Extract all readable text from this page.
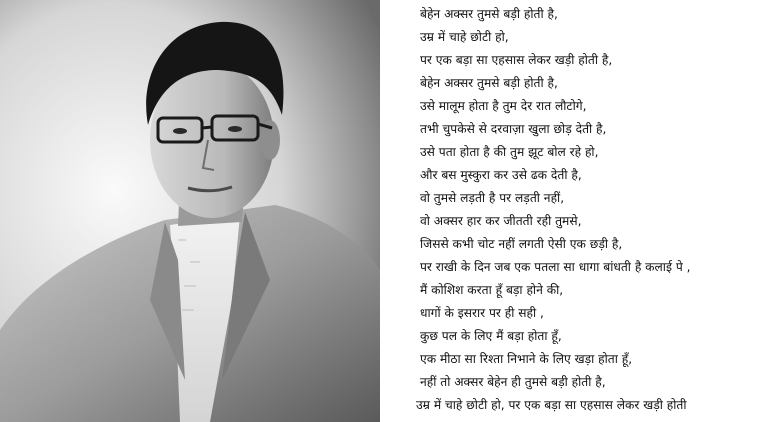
बेहेन अक्सर तुमसे बड़ी होती है,
उम्र में चाहे छोटी हो,
पर एक बड़ा सा एहसास लेकर खड़ी होती है,
बेहेन अक्सर तुमसे बड़ी होती है,
उसे मालूम होता है तुम देर रात लौटोगे,
तभी चुपकेसे से दरवाज़ा खुला छोड़ देती है,
उसे पता होता है की तुम झूट बोल रहे हो,
और बस मुस्कुरा कर उसे ढक देती है,
वो तुमसे लड़ती है पर लड़ती नहीं,
वो अक्सर हार कर जीतती रही तुमसे,
जिससे कभी चोट नहीं लगती ऐसी एक छड़ी है,
पर राखी के दिन जब एक पतला सा धागा बांधती है कलाई पे ,
मैं कोशिश करता हूँ बड़ा होने की,
धागों के इसरार पर ही सही ,
कुछ पल के लिए मैं बड़ा होता हूँ,
एक मीठा सा रिश्ता निभाने के लिए खड़ा होता हूँ,
नहीं तो अक्सर बेहेन ही तुमसे बड़ी होती है,
उम्र में चाहे छोटी हो, पर एक बड़ा सा एहसास लेकर खड़ी होती
